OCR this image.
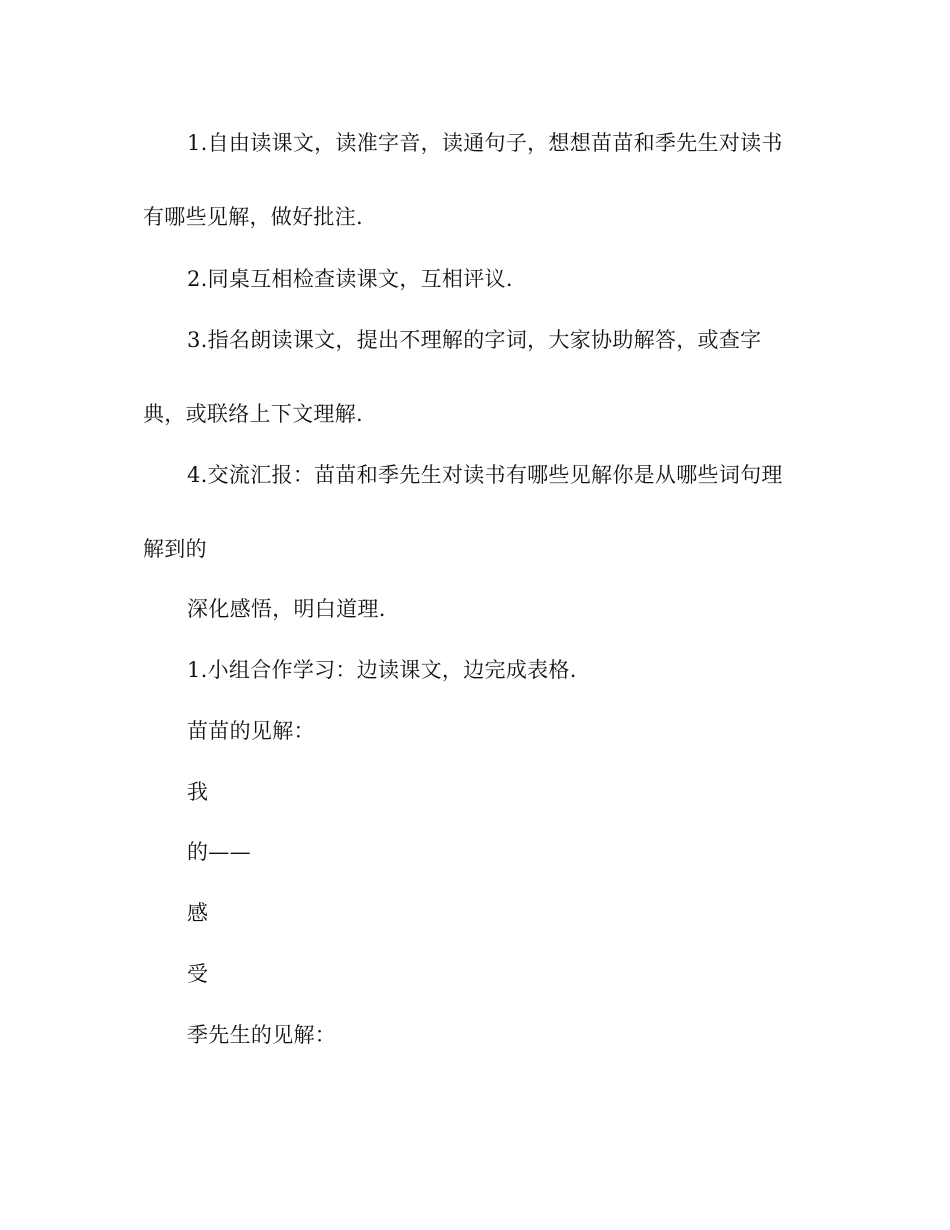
1.自由读课文，读准字音，读通句子，想想苗苗和季先生对读书
有哪些见解，做好批注.
2.同桌互相检查读课文，互相评议.
3.指名朗读课文，提出不理解的字词，大家协助解答，或查字
典，或联络上下文理解.
4.交流汇报：苗苗和季先生对读书有哪些见解你是从哪些词句理
解到的
深化感悟，明白道理.
1.小组合作学习：边读课文，边完成表格.
苗苗的见解：
我
的——
感
受
季先生的见解：
